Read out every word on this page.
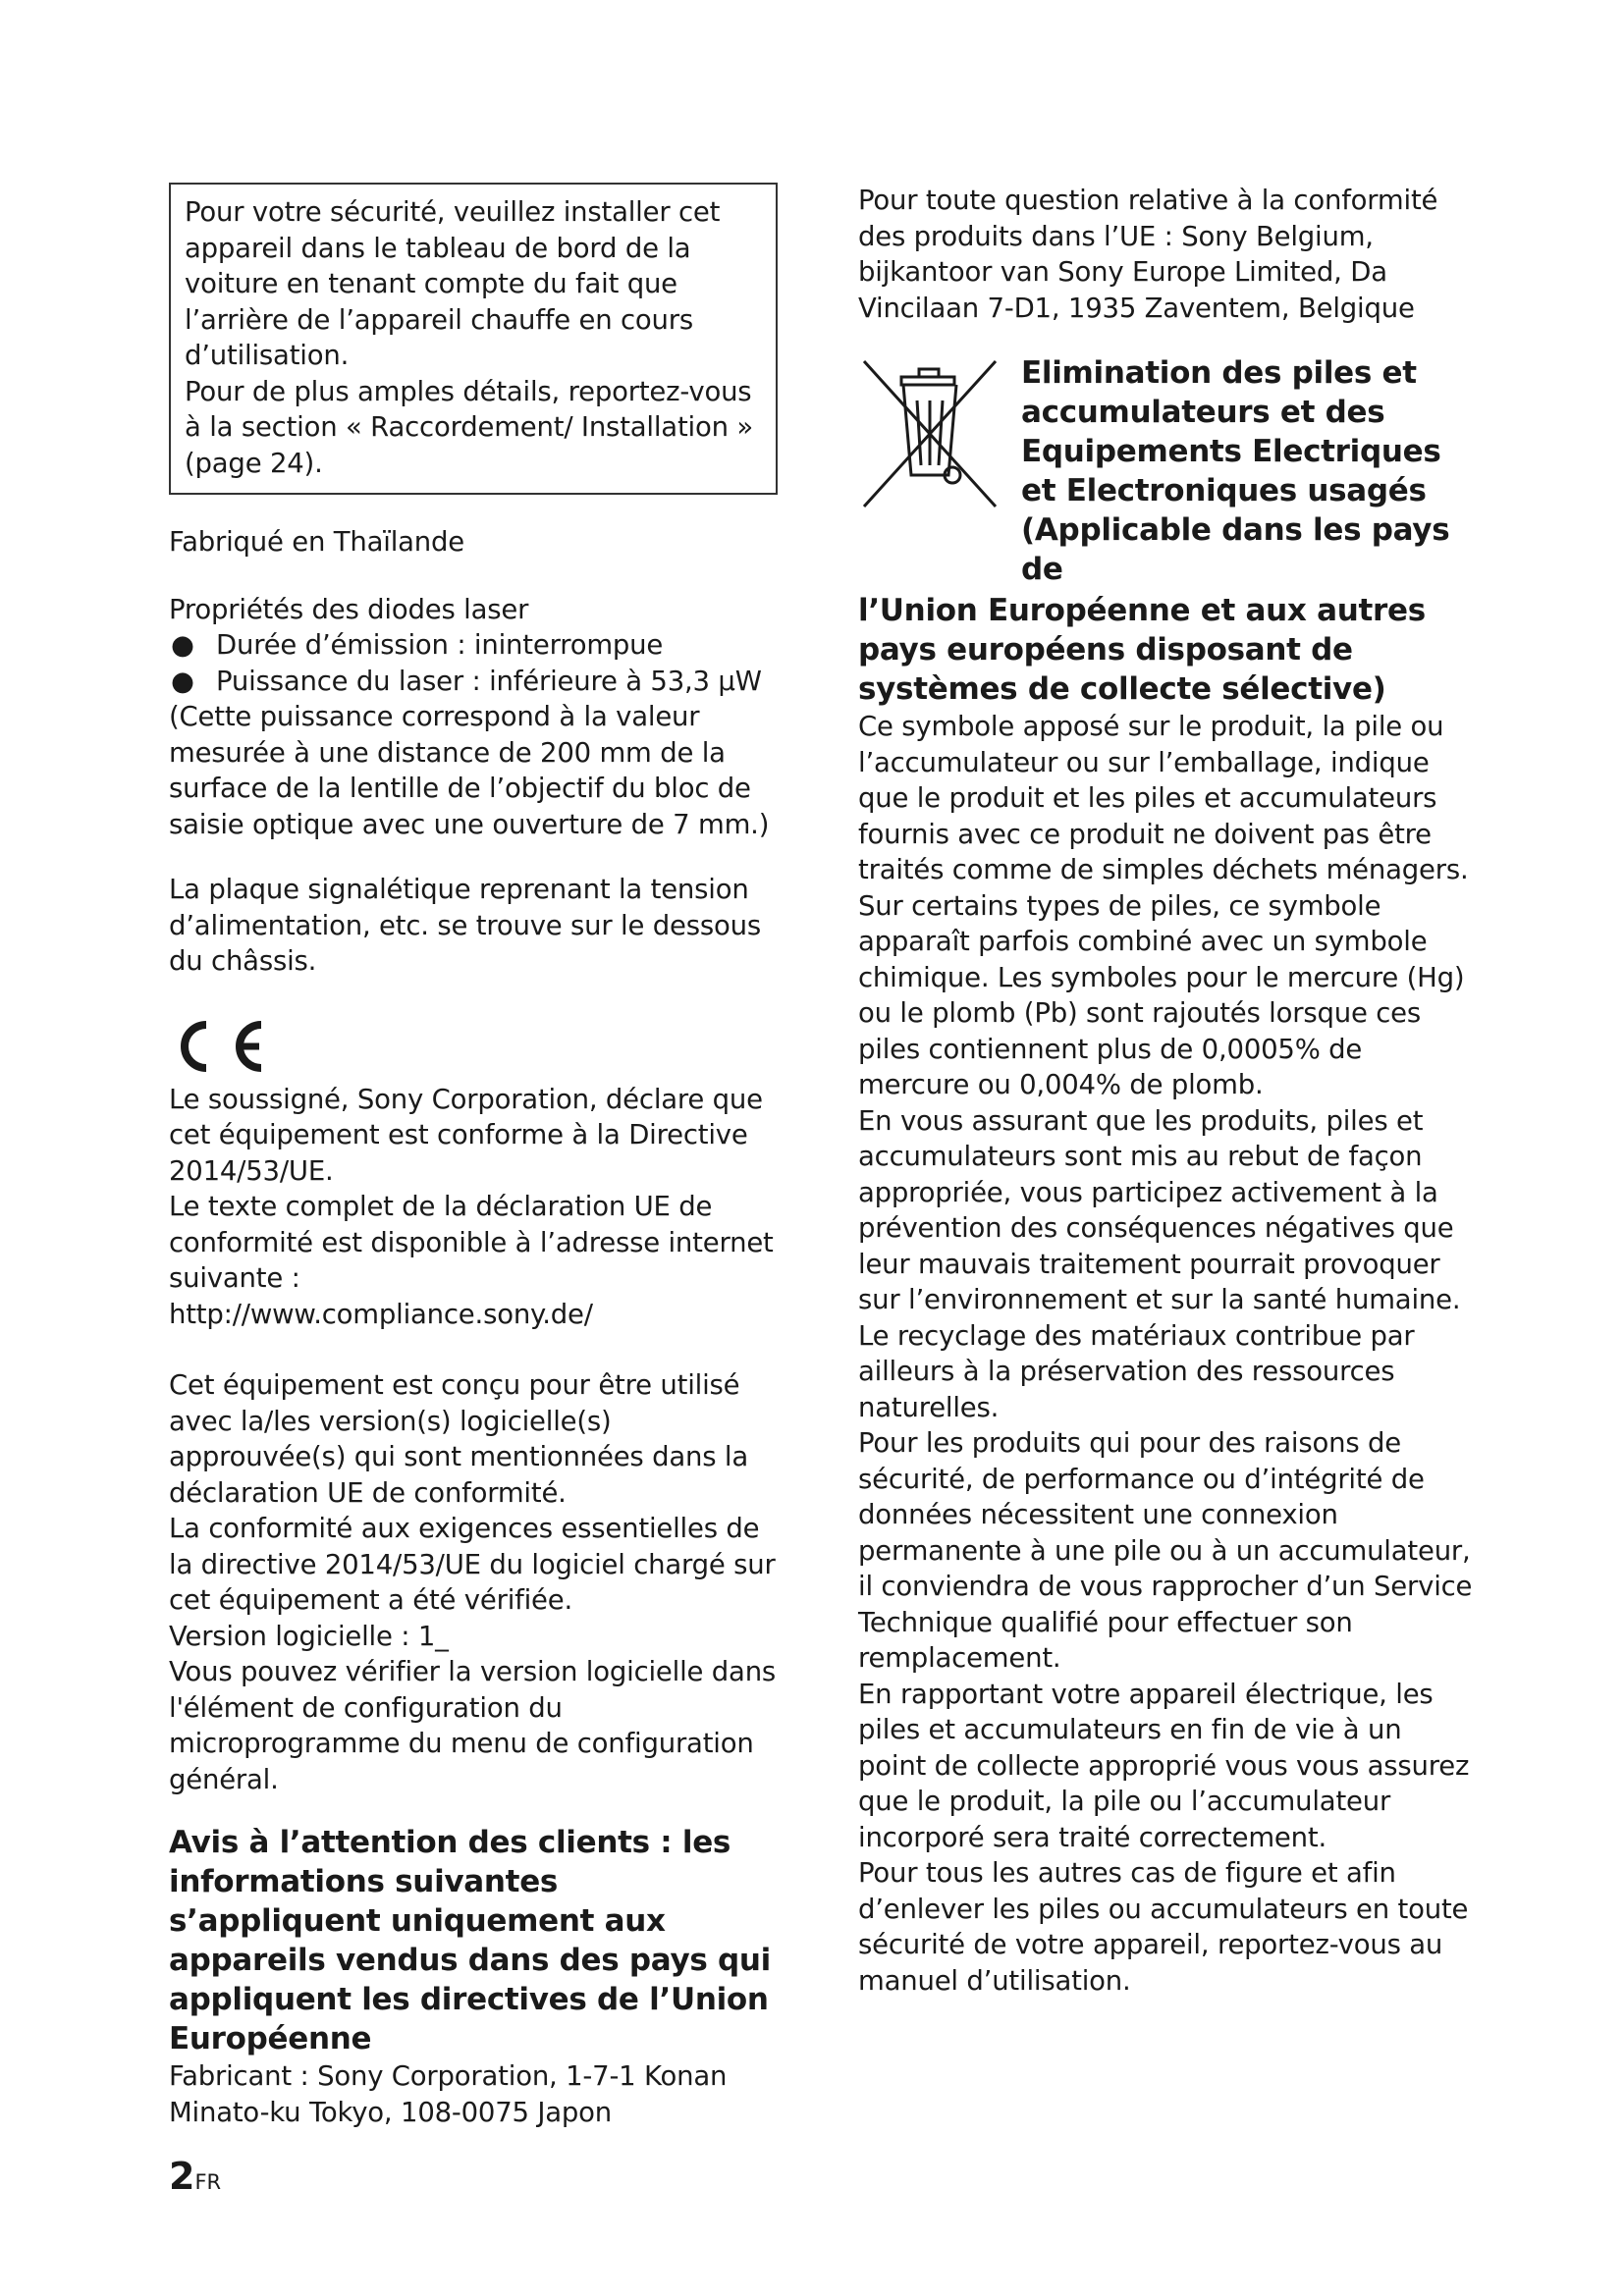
Pour votre sécurité, veuillez installer cet appareil dans le tableau de bord de la voiture en tenant compte du fait que l’arrière de l’appareil chauffe en cours d’utilisation.

Pour de plus amples détails, reportez-vous à la section « Raccordement/ Installation » (page 24).

Fabriqué en Thaïlande

Propriétés des diodes laser

● Durée d’émission : ininterrompue

● Puissance du laser : inférieure à 53,3 µW

(Cette puissance correspond à la valeur mesurée à une distance de 200 mm de la surface de la lentille de l’objectif du bloc de saisie optique avec une ouverture de 7 mm.)

La plaque signalétique reprenant la tension d’alimentation, etc. se trouve sur le dessous du châssis.

Le soussigné, Sony Corporation, déclare que cet équipement est conforme à la Directive 2014/53/UE.

Le texte complet de la déclaration UE de conformité est disponible à l’adresse internet suivante :

http://www.compliance.sony.de/

Cet équipement est conçu pour être utilisé avec la/les version(s) logicielle(s) approuvée(s) qui sont mentionnées dans la déclaration UE de conformité.

La conformité aux exigences essentielles de la directive 2014/53/UE du logiciel chargé sur cet équipement a été vérifiée.

Version logicielle : 1_

Vous pouvez vérifier la version logicielle dans l'élément de configuration du microprogramme du menu de configuration général.

Avis à l’attention des clients : les informations suivantes s’appliquent uniquement aux appareils vendus dans des pays qui appliquent les directives de l’Union Européenne

Fabricant : Sony Corporation, 1-7-1 Konan Minato-ku Tokyo, 108-0075 Japon

Pour toute question relative à la conformité des produits dans l’UE : Sony Belgium, bijkantoor van Sony Europe Limited, Da Vincilaan 7-D1, 1935 Zaventem, Belgique

Elimination des piles et accumulateurs et des Equipements Electriques et Electroniques usagés (Applicable dans les pays de
l’Union Européenne et aux autres pays européens disposant de systèmes de collecte sélective)

Ce symbole apposé sur le produit, la pile ou l’accumulateur ou sur l’emballage, indique que le produit et les piles et accumulateurs fournis avec ce produit ne doivent pas être traités comme de simples déchets ménagers.

Sur certains types de piles, ce symbole apparaît parfois combiné avec un symbole chimique. Les symboles pour le mercure (Hg) ou le plomb (Pb) sont rajoutés lorsque ces piles contiennent plus de 0,0005% de mercure ou 0,004% de plomb.

En vous assurant que les produits, piles et accumulateurs sont mis au rebut de façon appropriée, vous participez activement à la prévention des conséquences négatives que leur mauvais traitement pourrait provoquer sur l’environnement et sur la santé humaine. Le recyclage des matériaux contribue par ailleurs à la préservation des ressources naturelles.

Pour les produits qui pour des raisons de sécurité, de performance ou d’intégrité de données nécessitent une connexion permanente à une pile ou à un accumulateur, il conviendra de vous rapprocher d’un Service Technique qualifié pour effectuer son remplacement.

En rapportant votre appareil électrique, les piles et accumulateurs en fin de vie à un point de collecte approprié vous vous assurez que le produit, la pile ou l’accumulateur incorporé sera traité correctement.

Pour tous les autres cas de figure et afin d’enlever les piles ou accumulateurs en toute sécurité de votre appareil, reportez-vous au manuel d’utilisation.

2FR
